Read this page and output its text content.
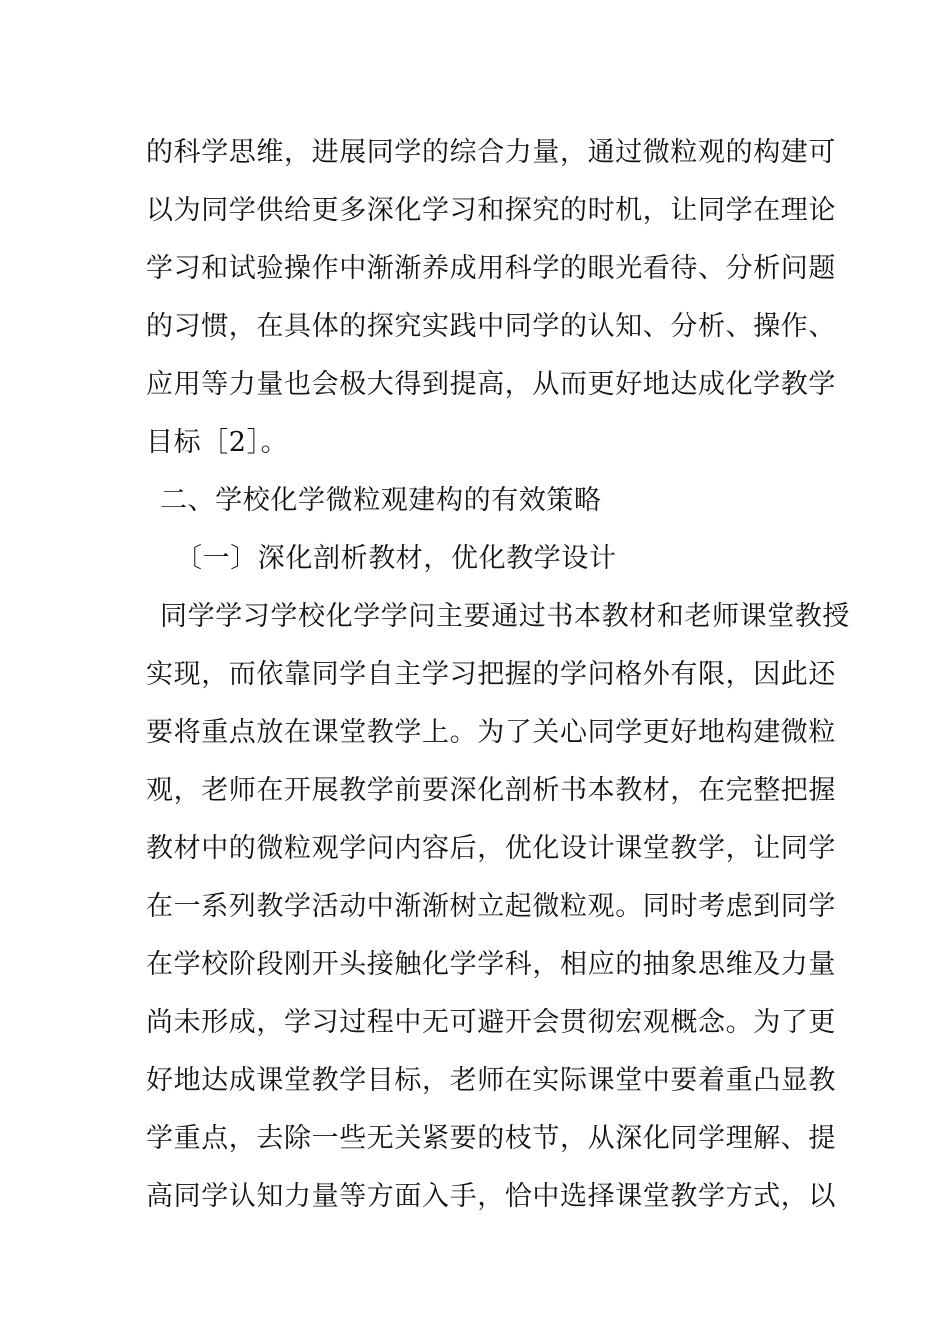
的科学思维，进展同学的综合力量，通过微粒观的构建可
以为同学供给更多深化学习和探究的时机，让同学在理论
学习和试验操作中渐渐养成用科学的眼光看待、分析问题
的习惯，在具体的探究实践中同学的认知、分析、操作、
应用等力量也会极大得到提高，从而更好地达成化学教学
目标［2］。
二、学校化学微粒观建构的有效策略
〔一〕深化剖析教材，优化教学设计
同学学习学校化学学问主要通过书本教材和老师课堂教授
实现，而依靠同学自主学习把握的学问格外有限，因此还
要将重点放在课堂教学上。为了关心同学更好地构建微粒
观，老师在开展教学前要深化剖析书本教材，在完整把握
教材中的微粒观学问内容后，优化设计课堂教学，让同学
在一系列教学活动中渐渐树立起微粒观。同时考虑到同学
在学校阶段刚开头接触化学学科，相应的抽象思维及力量
尚未形成，学习过程中无可避开会贯彻宏观概念。为了更
好地达成课堂教学目标，老师在实际课堂中要着重凸显教
学重点，去除一些无关紧要的枝节，从深化同学理解、提
高同学认知力量等方面入手，恰中选择课堂教学方式，以
